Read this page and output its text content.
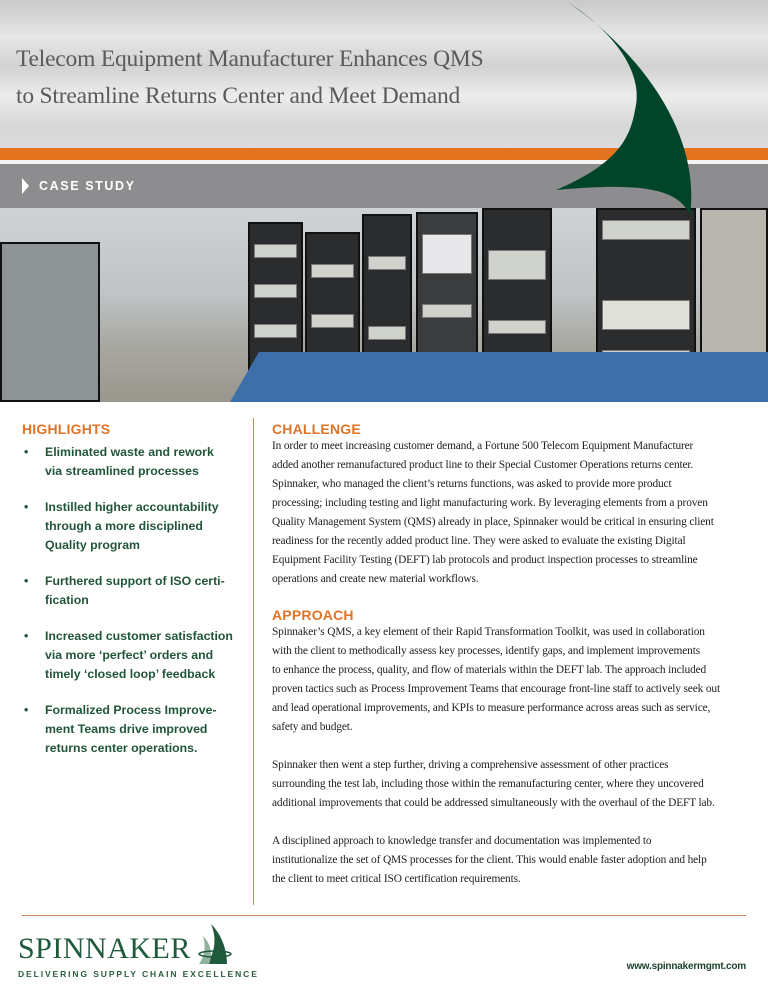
Telecom Equipment Manufacturer Enhances QMS
to Streamline Returns Center and Meet Demand
CASE STUDY
HIGHLIGHTS
• Eliminated waste and rework
via streamlined processes
• Instilled higher accountability
through a more disciplined
Quality program
• Furthered support of ISO certi-
fication
• Increased customer satisfaction
via more ‘perfect’ orders and
timely ‘closed loop’ feedback
• Formalized Process Improve-
ment Teams drive improved
returns center operations.
CHALLENGE
In order to meet increasing customer demand, a Fortune 500 Telecom Equipment Manufacturer
added another remanufactured product line to their Special Customer Operations returns center.
Spinnaker, who managed the client’s returns functions, was asked to provide more product
processing; including testing and light manufacturing work. By leveraging elements from a proven
Quality Management System (QMS) already in place, Spinnaker would be critical in ensuring client
readiness for the recently added product line. They were asked to evaluate the existing Digital
Equipment Facility Testing (DEFT) lab protocols and product inspection processes to streamline
operations and create new material workflows.
APPROACH
Spinnaker’s QMS, a key element of their Rapid Transformation Toolkit, was used in collaboration
with the client to methodically assess key processes, identify gaps, and implement improvements
to enhance the process, quality, and flow of materials within the DEFT lab. The approach included
proven tactics such as Process Improvement Teams that encourage front-line staff to actively seek out
and lead operational improvements, and KPIs to measure performance across areas such as service,
safety and budget.
Spinnaker then went a step further, driving a comprehensive assessment of other practices
surrounding the test lab, including those within the remanufacturing center, where they uncovered
additional improvements that could be addressed simultaneously with the overhaul of the DEFT lab.
A disciplined approach to knowledge transfer and documentation was implemented to
institutionalize the set of QMS processes for the client. This would enable faster adoption and help
the client to meet critical ISO certification requirements.
SPINNAKER
DELIVERING SUPPLY CHAIN EXCELLENCE
www.spinnakermgmt.com
